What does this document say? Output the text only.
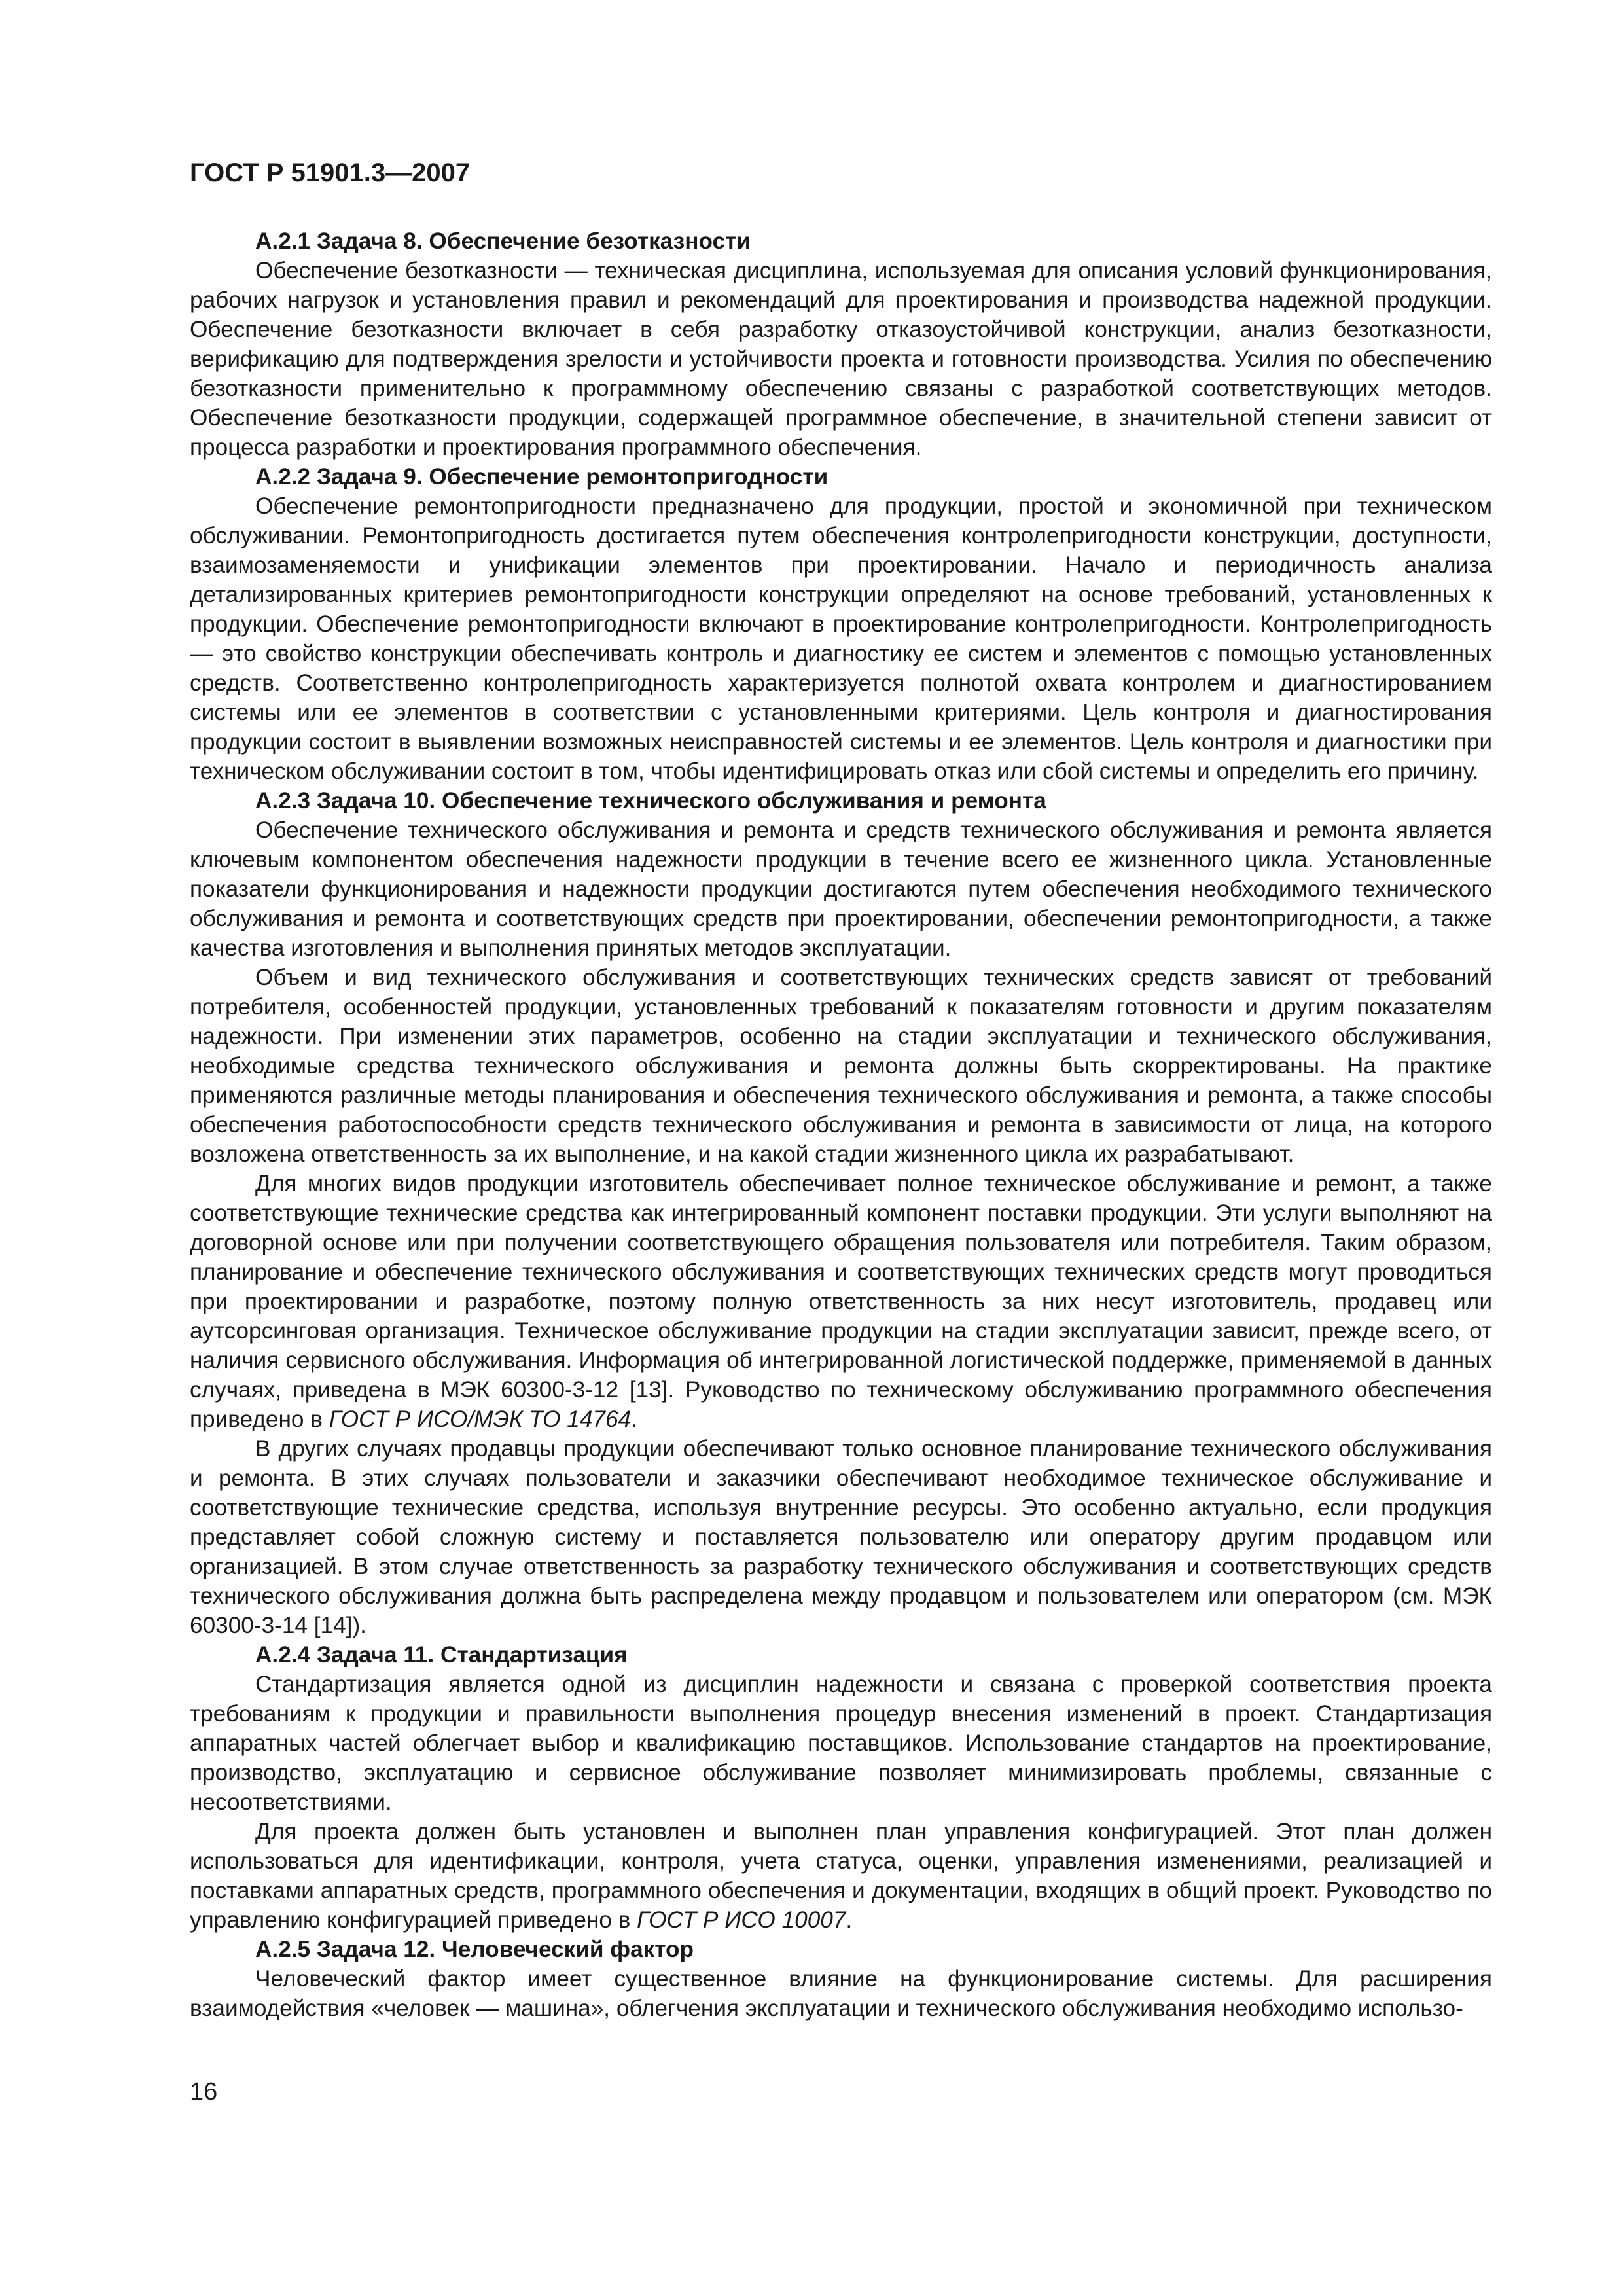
ГОСТ Р 51901.3—2007

А.2.1 Задача 8. Обеспечение безотказности

Обеспечение безотказности — техническая дисциплина, используемая для описания условий функционирования, рабочих нагрузок и установления правил и рекомендаций для проектирования и производства надежной продукции. Обеспечение безотказности включает в себя разработку отказоустойчивой конструкции, анализ безотказности, верификацию для подтверждения зрелости и устойчивости проекта и готовности производства. Усилия по обеспечению безотказности применительно к программному обеспечению связаны с разработкой соответствующих методов. Обеспечение безотказности продукции, содержащей программное обеспечение, в значительной степени зависит от процесса разработки и проектирования программного обеспечения.

А.2.2 Задача 9. Обеспечение ремонтопригодности

Обеспечение ремонтопригодности предназначено для продукции, простой и экономичной при техническом обслуживании. Ремонтопригодность достигается путем обеспечения контролепригодности конструкции, доступности, взаимозаменяемости и унификации элементов при проектировании. Начало и периодичность анализа детализированных критериев ремонтопригодности конструкции определяют на основе требований, установленных к продукции. Обеспечение ремонтопригодности включают в проектирование контролепригодности. Контролепригодность — это свойство конструкции обеспечивать контроль и диагностику ее систем и элементов с помощью установленных средств. Соответственно контролепригодность характеризуется полнотой охвата контролем и диагностированием системы или ее элементов в соответствии с установленными критериями. Цель контроля и диагностирования продукции состоит в выявлении возможных неисправностей системы и ее элементов. Цель контроля и диагностики при техническом обслуживании состоит в том, чтобы идентифицировать отказ или сбой системы и определить его причину.

А.2.3 Задача 10. Обеспечение технического обслуживания и ремонта

Обеспечение технического обслуживания и ремонта и средств технического обслуживания и ремонта является ключевым компонентом обеспечения надежности продукции в течение всего ее жизненного цикла. Установленные показатели функционирования и надежности продукции достигаются путем обеспечения необходимого технического обслуживания и ремонта и соответствующих средств при проектировании, обеспечении ремонтопригодности, а также качества изготовления и выполнения принятых методов эксплуатации.

Объем и вид технического обслуживания и соответствующих технических средств зависят от требований потребителя, особенностей продукции, установленных требований к показателям готовности и другим показателям надежности. При изменении этих параметров, особенно на стадии эксплуатации и технического обслуживания, необходимые средства технического обслуживания и ремонта должны быть скорректированы. На практике применяются различные методы планирования и обеспечения технического обслуживания и ремонта, а также способы обеспечения работоспособности средств технического обслуживания и ремонта в зависимости от лица, на которого возложена ответственность за их выполнение, и на какой стадии жизненного цикла их разрабатывают.

Для многих видов продукции изготовитель обеспечивает полное техническое обслуживание и ремонт, а также соответствующие технические средства как интегрированный компонент поставки продукции. Эти услуги выполняют на договорной основе или при получении соответствующего обращения пользователя или потребителя. Таким образом, планирование и обеспечение технического обслуживания и соответствующих технических средств могут проводиться при проектировании и разработке, поэтому полную ответственность за них несут изготовитель, продавец или аутсорсинговая организация. Техническое обслуживание продукции на стадии эксплуатации зависит, прежде всего, от наличия сервисного обслуживания. Информация об интегрированной логистической поддержке, применяемой в данных случаях, приведена в МЭК 60300-3-12 [13]. Руководство по техническому обслуживанию программного обеспечения приведено в ГОСТ Р ИСО/МЭК ТО 14764.

В других случаях продавцы продукции обеспечивают только основное планирование технического обслуживания и ремонта. В этих случаях пользователи и заказчики обеспечивают необходимое техническое обслуживание и соответствующие технические средства, используя внутренние ресурсы. Это особенно актуально, если продукция представляет собой сложную систему и поставляется пользователю или оператору другим продавцом или организацией. В этом случае ответственность за разработку технического обслуживания и соответствующих средств технического обслуживания должна быть распределена между продавцом и пользователем или оператором (см. МЭК 60300-3-14 [14]).

А.2.4 Задача 11. Стандартизация

Стандартизация является одной из дисциплин надежности и связана с проверкой соответствия проекта требованиям к продукции и правильности выполнения процедур внесения изменений в проект. Стандартизация аппаратных частей облегчает выбор и квалификацию поставщиков. Использование стандартов на проектирование, производство, эксплуатацию и сервисное обслуживание позволяет минимизировать проблемы, связанные с несоответствиями.

Для проекта должен быть установлен и выполнен план управления конфигурацией. Этот план должен использоваться для идентификации, контроля, учета статуса, оценки, управления изменениями, реализацией и поставками аппаратных средств, программного обеспечения и документации, входящих в общий проект. Руководство по управлению конфигурацией приведено в ГОСТ Р ИСО 10007.

А.2.5 Задача 12. Человеческий фактор

Человеческий фактор имеет существенное влияние на функционирование системы. Для расширения взаимодействия «человек — машина», облегчения эксплуатации и технического обслуживания необходимо использо-

16
